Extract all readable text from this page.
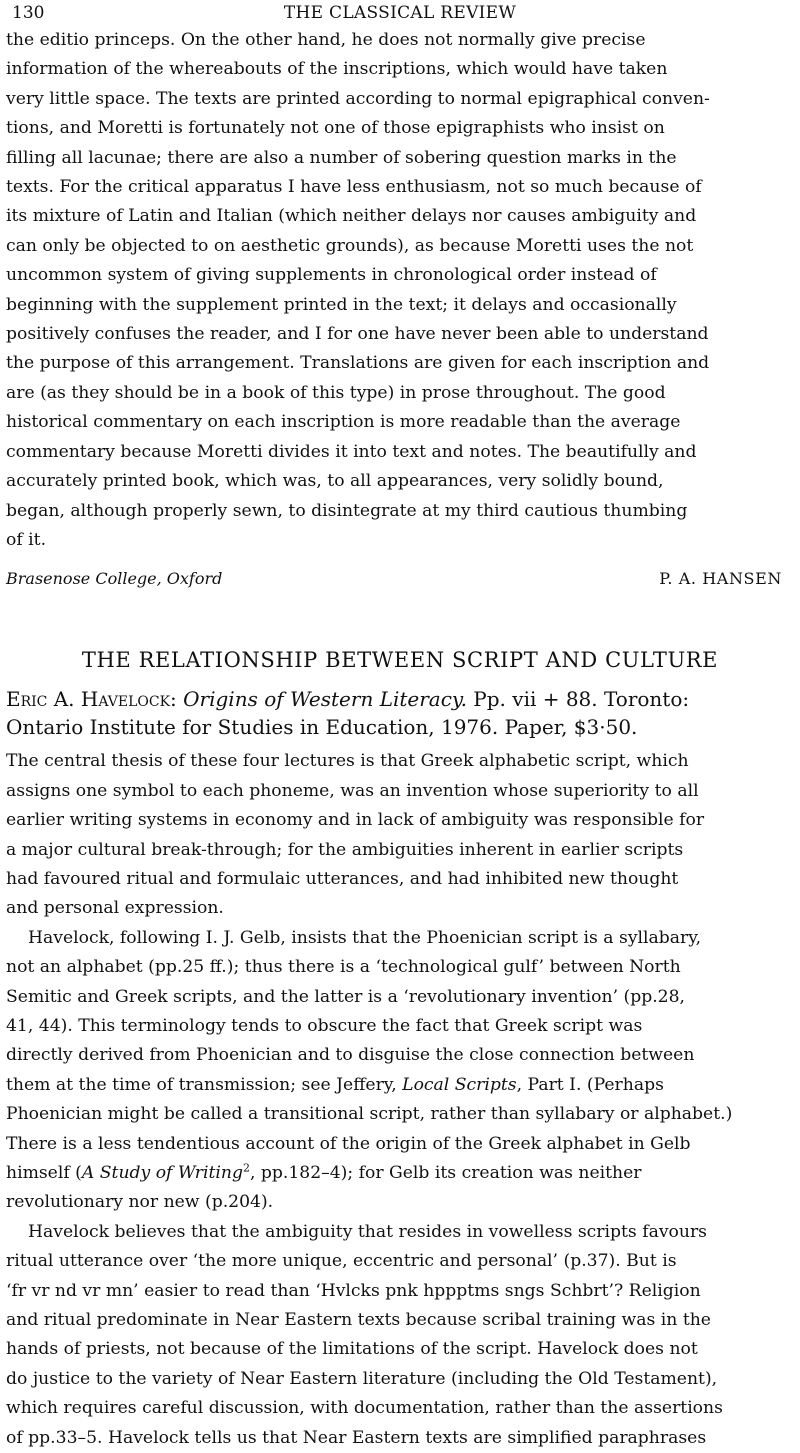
130	THE CLASSICAL REVIEW
the editio princeps. On the other hand, he does not normally give precise
information of the whereabouts of the inscriptions, which would have taken
very little space. The texts are printed according to normal epigraphical conven-
tions, and Moretti is fortunately not one of those epigraphists who insist on
filling all lacunae; there are also a number of sobering question marks in the
texts. For the critical apparatus I have less enthusiasm, not so much because of
its mixture of Latin and Italian (which neither delays nor causes ambiguity and
can only be objected to on aesthetic grounds), as because Moretti uses the not
uncommon system of giving supplements in chronological order instead of
beginning with the supplement printed in the text; it delays and occasionally
positively confuses the reader, and I for one have never been able to understand
the purpose of this arrangement. Translations are given for each inscription and
are (as they should be in a book of this type) in prose throughout. The good
historical commentary on each inscription is more readable than the average
commentary because Moretti divides it into text and notes. The beautifully and
accurately printed book, which was, to all appearances, very solidly bound,
began, although properly sewn, to disintegrate at my third cautious thumbing
of it.
Brasenose College, Oxford	P. A. HANSEN
THE RELATIONSHIP BETWEEN SCRIPT AND CULTURE
Eric A. Havelock: Origins of Western Literacy. Pp. vii + 88. Toronto:
Ontario Institute for Studies in Education, 1976. Paper, $3·50.
The central thesis of these four lectures is that Greek alphabetic script, which
assigns one symbol to each phoneme, was an invention whose superiority to all
earlier writing systems in economy and in lack of ambiguity was responsible for
a major cultural break-through; for the ambiguities inherent in earlier scripts
had favoured ritual and formulaic utterances, and had inhibited new thought
and personal expression.
Havelock, following I. J. Gelb, insists that the Phoenician script is a syllabary,
not an alphabet (pp.25 ff.); thus there is a ‘technological gulf’ between North
Semitic and Greek scripts, and the latter is a ‘revolutionary invention’ (pp.28,
41, 44). This terminology tends to obscure the fact that Greek script was
directly derived from Phoenician and to disguise the close connection between
them at the time of transmission; see Jeffery, Local Scripts, Part I. (Perhaps
Phoenician might be called a transitional script, rather than syllabary or alphabet.)
There is a less tendentious account of the origin of the Greek alphabet in Gelb
himself (A Study of Writing$^2$, pp.182–4); for Gelb its creation was neither
revolutionary nor new (p.204).
Havelock believes that the ambiguity that resides in vowelless scripts favours
ritual utterance over ‘the more unique, eccentric and personal’ (p.37). But is
‘fr vr nd vr mn’ easier to read than ‘Hvlcks pnk hppptms sngs Schbrt’? Religion
and ritual predominate in Near Eastern texts because scribal training was in the
hands of priests, not because of the limitations of the script. Havelock does not
do justice to the variety of Near Eastern literature (including the Old Testament),
which requires careful discussion, with documentation, rather than the assertions
of pp.33–5. Havelock tells us that Near Eastern texts are simplified paraphrases
